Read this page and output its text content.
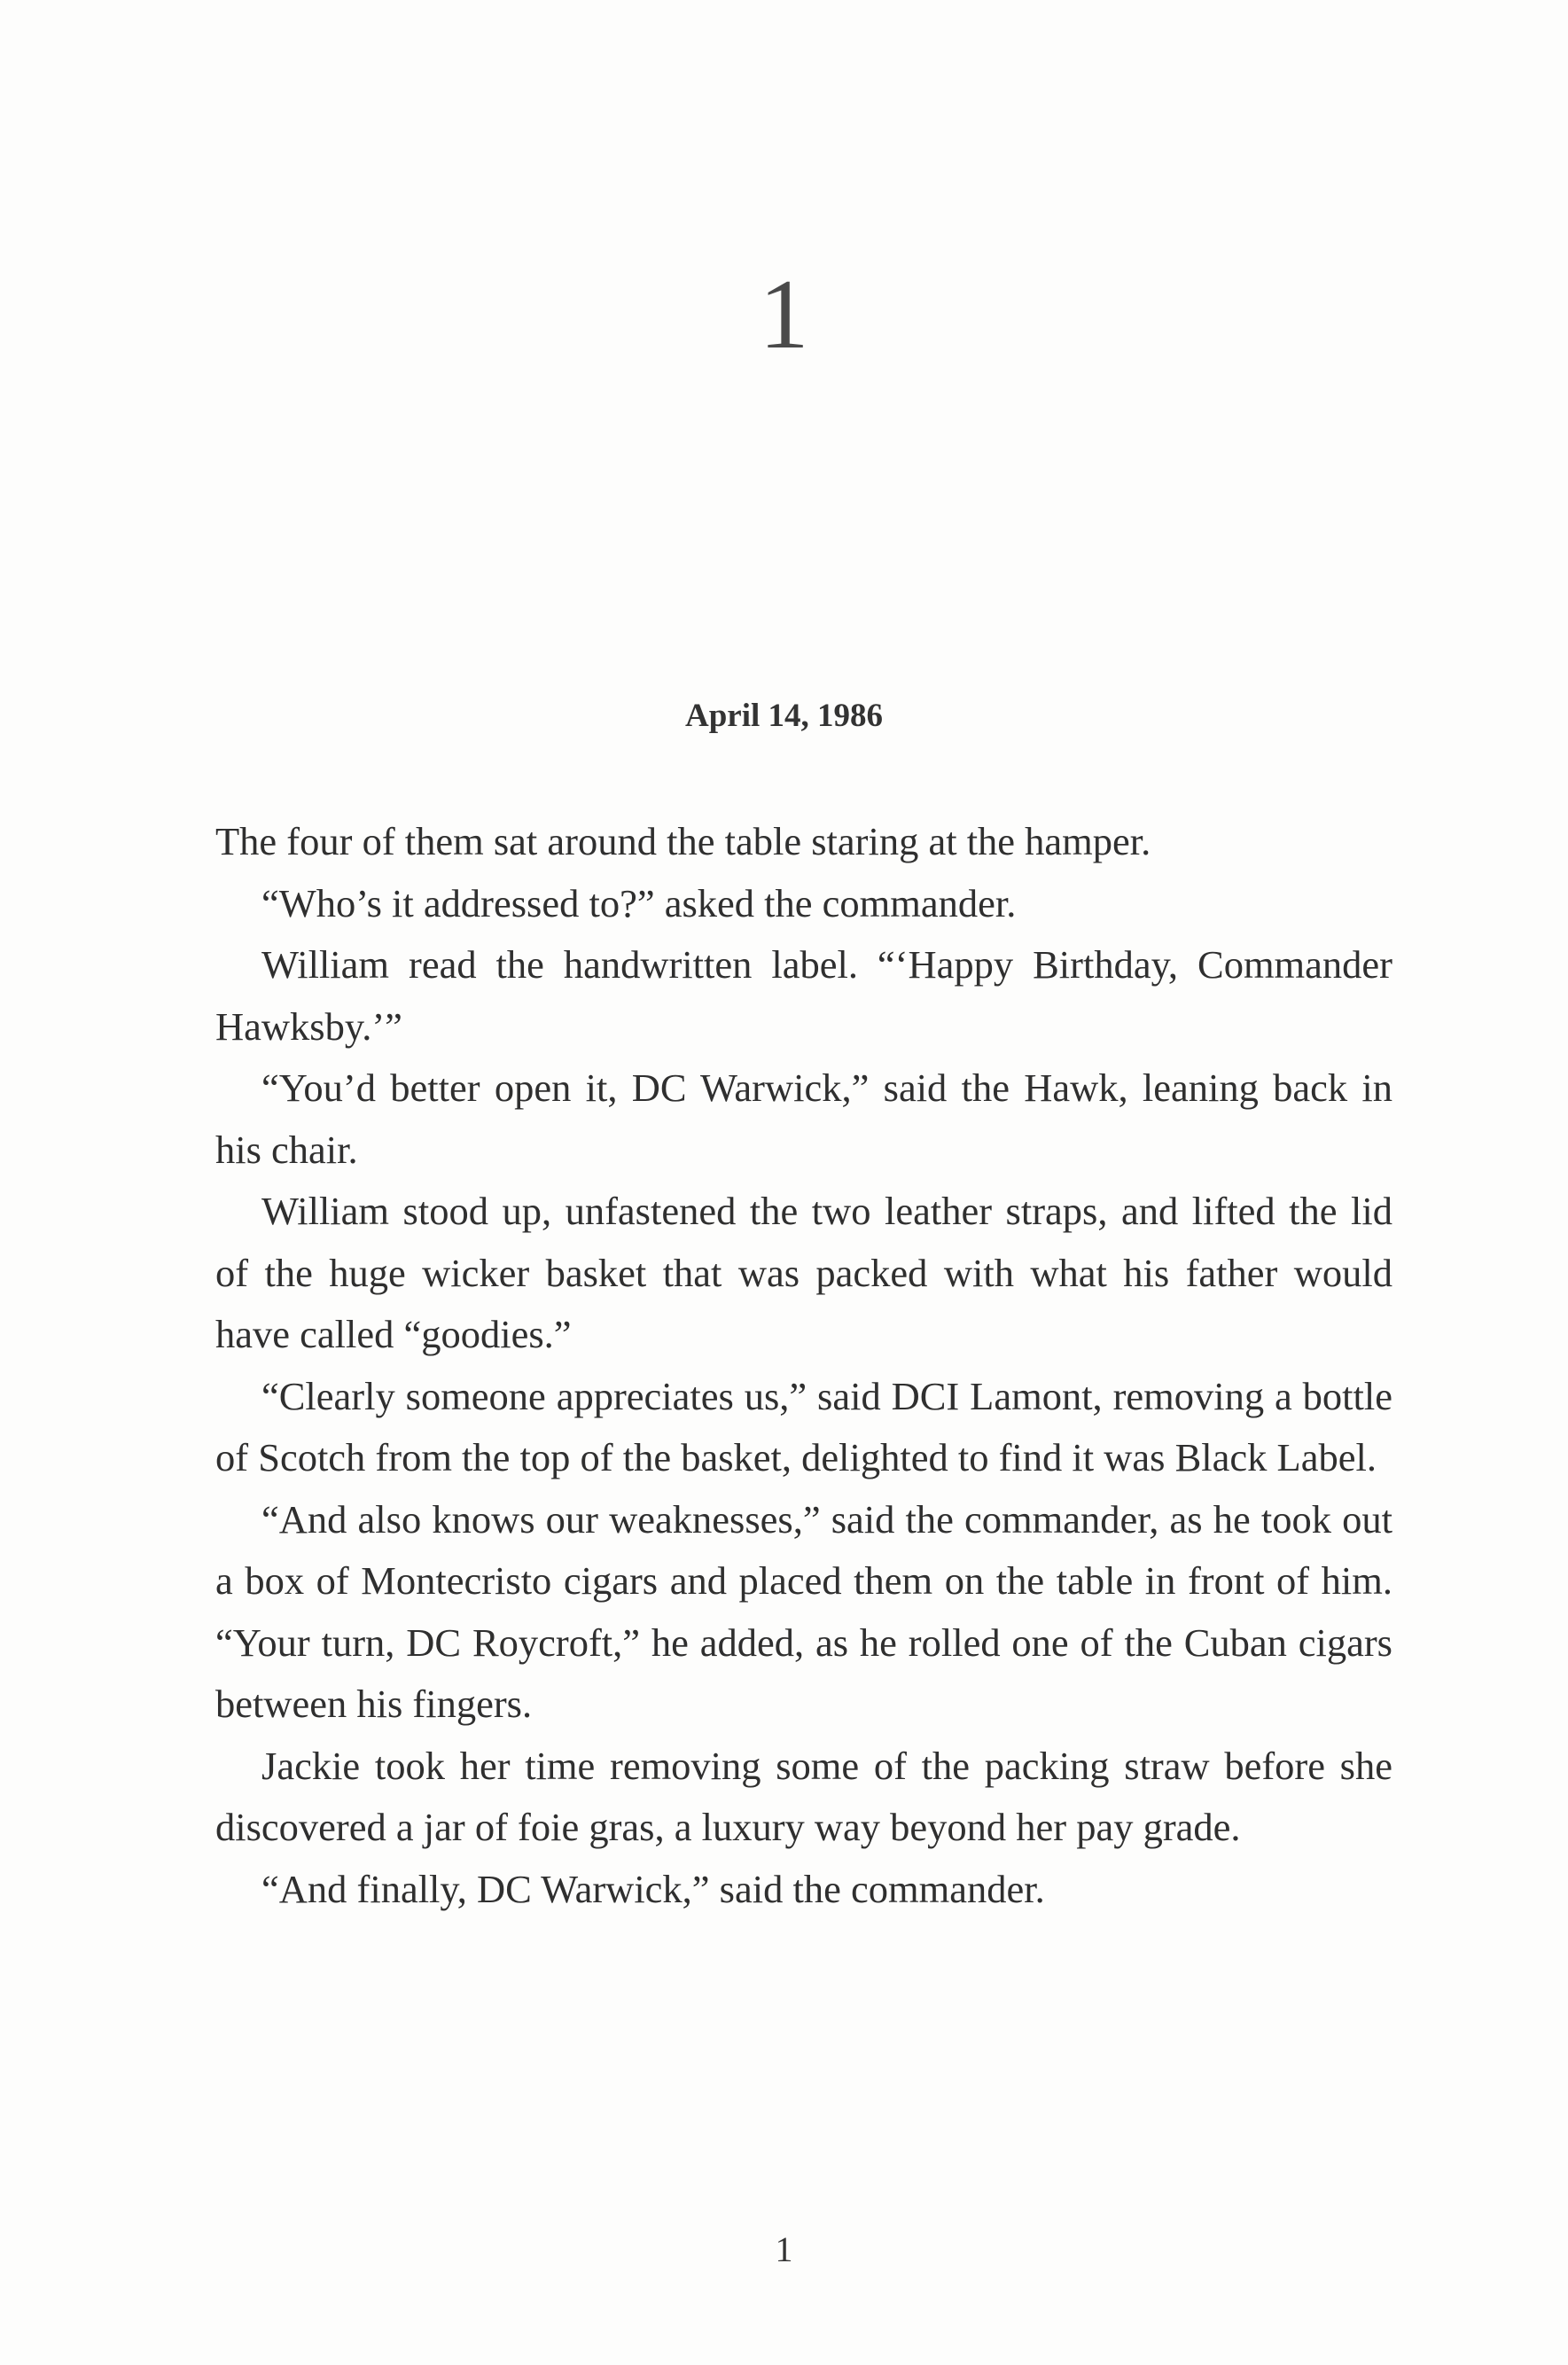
1
April 14, 1986

The four of them sat around the table staring at the hamper.

“Who’s it addressed to?” asked the commander.

William read the handwritten label. “‘Happy Birthday, Commander Hawksby.’”

“You’d better open it, DC Warwick,” said the Hawk, leaning back in his chair.

William stood up, unfastened the two leather straps, and lifted the lid of the huge wicker basket that was packed with what his father would have called “goodies.”

“Clearly someone appreciates us,” said DCI Lamont, removing a bottle of Scotch from the top of the basket, delighted to find it was Black Label.

“And also knows our weaknesses,” said the commander, as he took out a box of Montecristo cigars and placed them on the table in front of him. “Your turn, DC Roycroft,” he added, as he rolled one of the Cuban cigars between his fingers.

Jackie took her time removing some of the packing straw before she discovered a jar of foie gras, a luxury way beyond her pay grade.

“And finally, DC Warwick,” said the commander.

1
